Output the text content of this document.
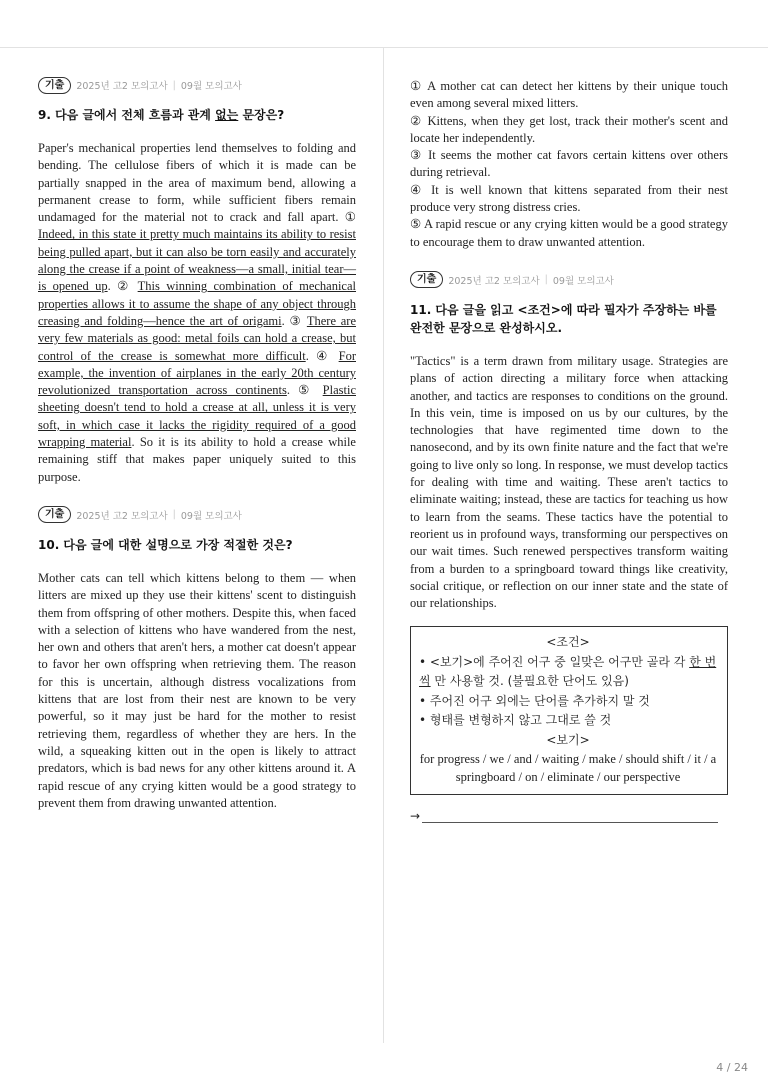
기출	2025년 고2 모의고사 | 09월 모의고사
9. 다음 글에서 전체 흐름과 관계 없는 문장은?

Paper's mechanical properties lend themselves to folding and bending. The cellulose fibers of which it is made can be partially snapped in the area of maximum bend, allowing a permanent crease to form, while sufficient fibers remain undamaged for the material not to crack and fall apart. ① Indeed, in this state it pretty much maintains its ability to resist being pulled apart, but it can also be torn easily and accurately along the crease if a point of weakness—a small, initial tear—is opened up. ② This winning combination of mechanical properties allows it to assume the shape of any object through creasing and folding—hence the art of origami. ③ There are very few materials as good: metal foils can hold a crease, but control of the crease is somewhat more difficult. ④ For example, the invention of airplanes in the early 20th century revolutionized transportation across continents. ⑤ Plastic sheeting doesn't tend to hold a crease at all, unless it is very soft, in which case it lacks the rigidity required of a good wrapping material. So it is its ability to hold a crease while remaining stiff that makes paper uniquely suited to this purpose.

기출	2025년 고2 모의고사 | 09월 모의고사
10. 다음 글에 대한 설명으로 가장 적절한 것은?

Mother cats can tell which kittens belong to them — when litters are mixed up they use their kittens' scent to distinguish them from offspring of other mothers. Despite this, when faced with a selection of kittens who have wandered from the nest, her own and others that aren't hers, a mother cat doesn't appear to favor her own offspring when retrieving them. The reason for this is uncertain, although distress vocalizations from kittens that are lost from their nest are known to be very powerful, so it may just be hard for the mother to resist retrieving them, regardless of whether they are hers. In the wild, a squeaking kitten out in the open is likely to attract predators, which is bad news for any other kittens around it. A rapid rescue of any crying kitten would be a good strategy to prevent them from drawing unwanted attention.

① A mother cat can detect her kittens by their unique touch even among several mixed litters.

② Kittens, when they get lost, track their mother's scent and locate her independently.

③ It seems the mother cat favors certain kittens over others during retrieval.

④ It is well known that kittens separated from their nest produce very strong distress cries.

⑤ A rapid rescue or any crying kitten would be a good strategy to encourage them to draw unwanted attention.

기출	2025년 고2 모의고사 | 09월 모의고사
11. 다음 글을 읽고 <조건>에 따라 필자가 주장하는 바를 완전한 문장으로 완성하시오.

"Tactics" is a term drawn from military usage. Strategies are plans of action directing a military force when attacking another, and tactics are responses to conditions on the ground. In this vein, time is imposed on us by our cultures, by the technologies that have regimented time down to the nanosecond, and by its own finite nature and the fact that we're going to live only so long. In response, we must develop tactics for dealing with time and waiting. These aren't tactics to eliminate waiting; instead, these are tactics for teaching us how to learn from the seams. These tactics have the potential to reorient us in profound ways, transforming our perspectives on our wait times. Such renewed perspectives transform waiting from a burden to a springboard toward things like creativity, social critique, or reflection on our inner state and the state of our relationships.

<조건>
• <보기>에 주어진 어구 중 일맞은 어구만 골라 각 한 번씩 만 사용할 것. (불필요한 단어도 있음)
• 주어진 어구 외에는 단어를 추가하지 말 것
• 형태를 변형하지 않고 그대로 쓸 것
<보기>
for progress / we / and / waiting / make / should shift / it / a springboard / on / eliminate / our perspective
→
4 / 24
